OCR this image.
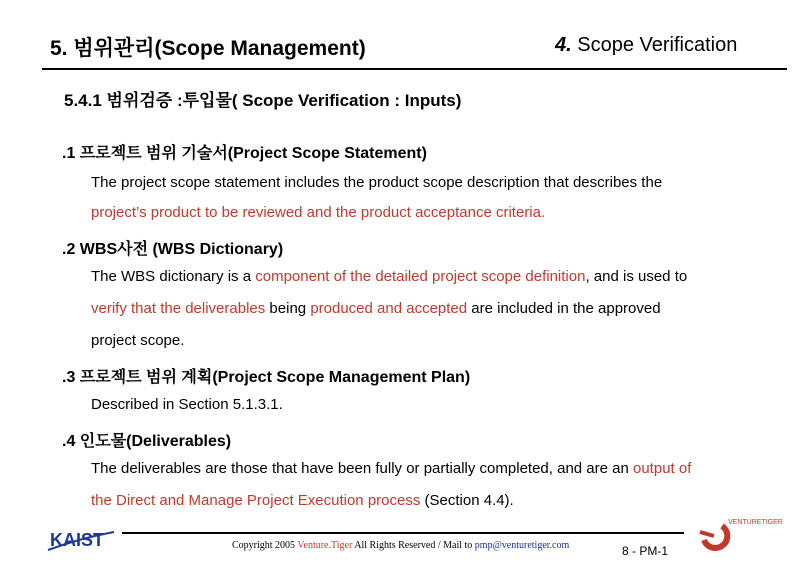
5. 범위관리(Scope Management)	4. Scope Verification
5.4.1 범위검증 :투입물( Scope Verification : Inputs)
.1 프로젝트 범위 기술서(Project Scope Statement)
The project scope statement includes the product scope description that describes the
project’s product to be reviewed and the product acceptance criteria.
.2 WBS사전 (WBS Dictionary)
The WBS dictionary is a component of the detailed project scope definition, and is used to
verify that the deliverables being produced and accepted are included in the approved
project scope.
.3 프로젝트 범위 계획(Project Scope Management Plan)
Described in Section 5.1.3.1.
.4 인도물(Deliverables)
The deliverables are those that have been fully or partially completed, and are an output of
the Direct and Manage Project Execution process (Section 4.4).
KAIST	Copyright 2005 Venture.Tiger All Rights Reserved / Mail to pmp@venturetiger.com	8 - PM-1
VENTURETIGER
